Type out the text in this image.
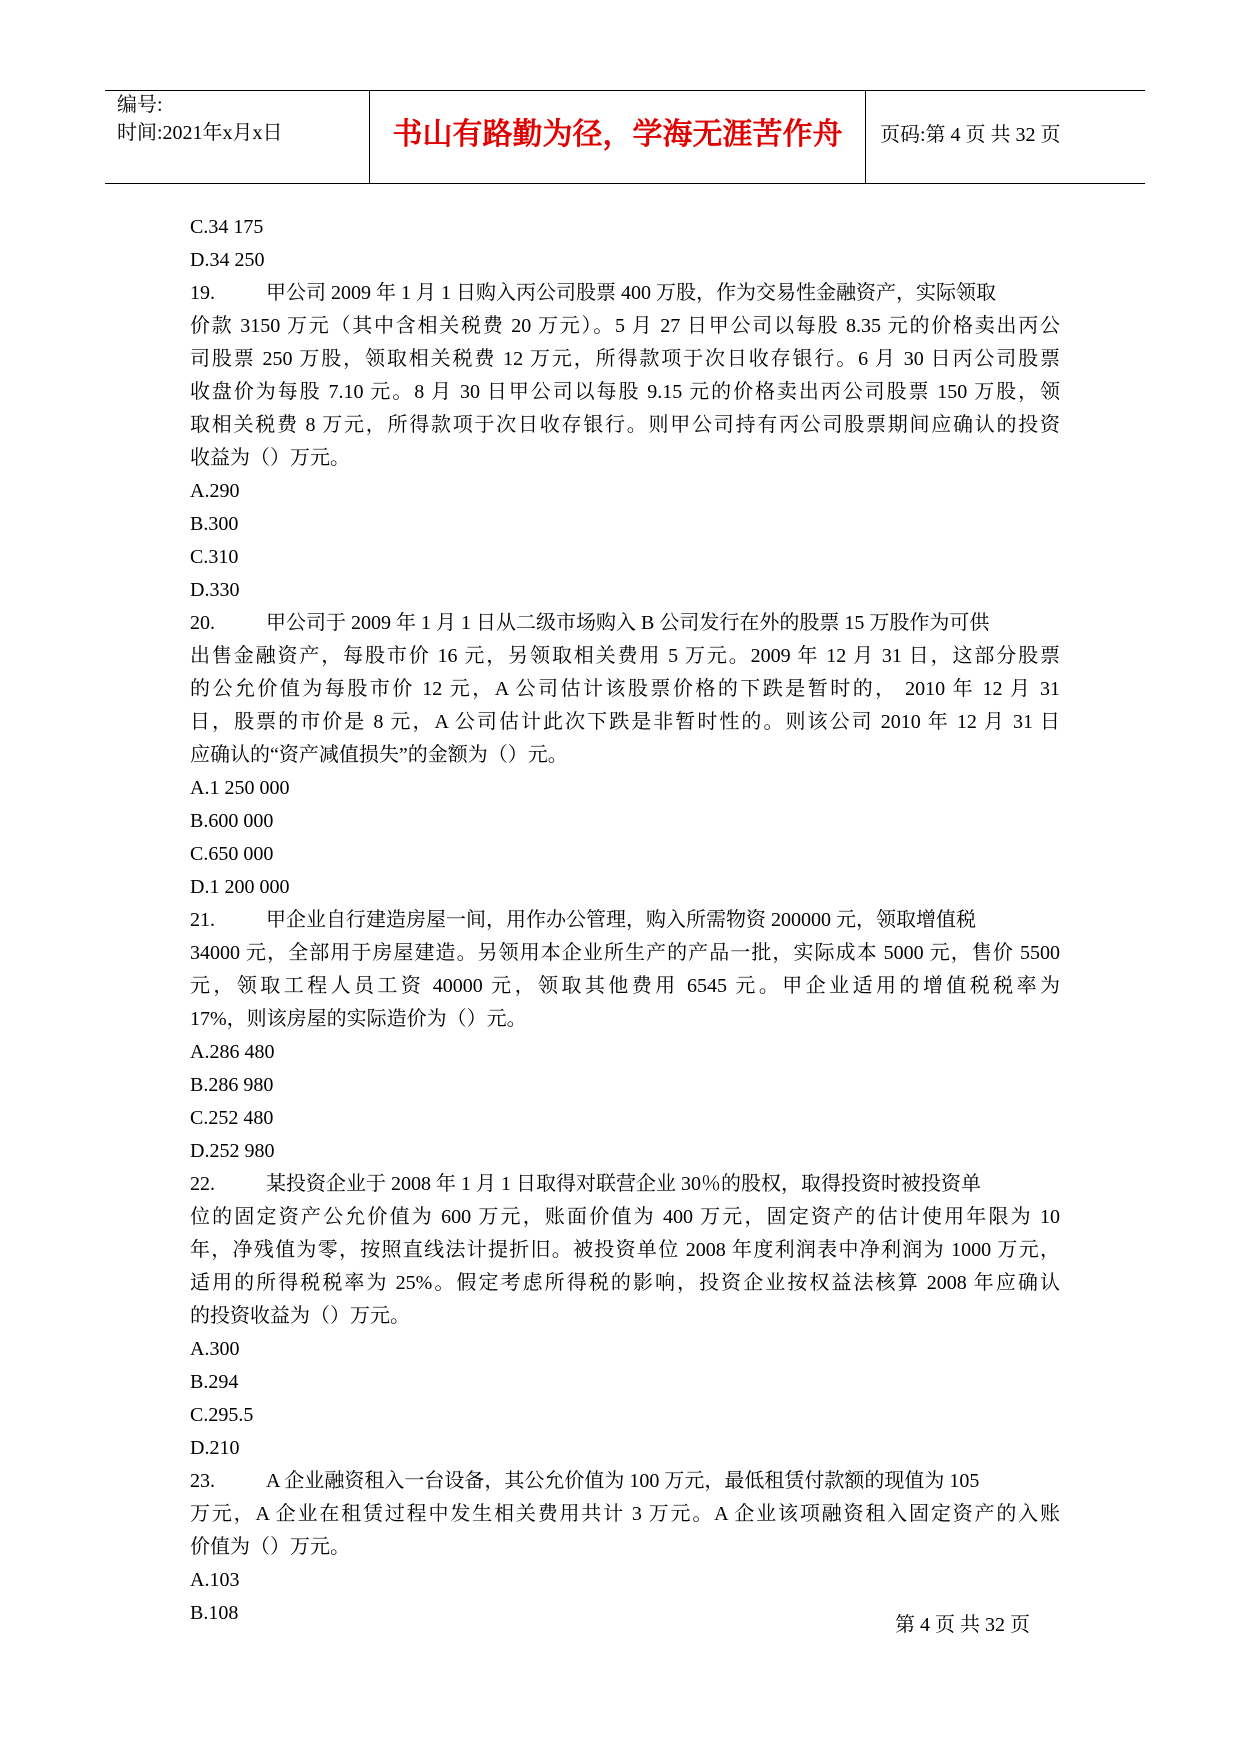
编号:
时间:2021年x月x日	书山有路勤为径，学海无涯苦作舟	页码:第 4 页 共 32 页
C.34 175
D.34 250
19.	甲公司 2009 年 1 月 1 日购入丙公司股票 400 万股，作为交易性金融资产，实际领取
价款 3150 万元（其中含相关税费 20 万元）。5 月 27 日甲公司以每股 8.35 元的价格卖出丙公
司股票 250 万股，领取相关税费 12 万元，所得款项于次日收存银行。6 月 30 日丙公司股票
收盘价为每股 7.10 元。8 月 30 日甲公司以每股 9.15 元的价格卖出丙公司股票 150 万股，领
取相关税费 8 万元，所得款项于次日收存银行。则甲公司持有丙公司股票期间应确认的投资
收益为（）万元。
A.290
B.300
C.310
D.330
20.	甲公司于 2009 年 1 月 1 日从二级市场购入 B 公司发行在外的股票 15 万股作为可供
出售金融资产，每股市价 16 元，另领取相关费用 5 万元。2009 年 12 月 31 日，这部分股票
的公允价值为每股市价 12 元，A 公司估计该股票价格的下跌是暂时的， 2010 年 12 月 31
日，股票的市价是 8 元，A 公司估计此次下跌是非暂时性的。则该公司 2010 年 12 月 31 日
应确认的“资产减值损失”的金额为（）元。
A.1 250 000
B.600 000
C.650 000
D.1 200 000
21.	甲企业自行建造房屋一间，用作办公管理，购入所需物资 200000 元，领取增值税
34000 元，全部用于房屋建造。另领用本企业所生产的产品一批，实际成本 5000 元，售价 5500
元，领取工程人员工资 40000 元，领取其他费用 6545 元。甲企业适用的增值税税率为
17%，则该房屋的实际造价为（）元。
A.286 480
B.286 980
C.252 480
D.252 980
22.	某投资企业于 2008 年 1 月 1 日取得对联营企业 30％的股权，取得投资时被投资单
位的固定资产公允价值为 600 万元，账面价值为 400 万元，固定资产的估计使用年限为 10
年，净残值为零，按照直线法计提折旧。被投资单位 2008 年度利润表中净利润为 1000 万元，
适用的所得税税率为 25%。假定考虑所得税的影响，投资企业按权益法核算 2008 年应确认
的投资收益为（）万元。
A.300
B.294
C.295.5
D.210
23.	A 企业融资租入一台设备，其公允价值为 100 万元，最低租赁付款额的现值为 105
万元，A 企业在租赁过程中发生相关费用共计 3 万元。A 企业该项融资租入固定资产的入账
价值为（）万元。
A.103
B.108
第 4 页 共 32 页
